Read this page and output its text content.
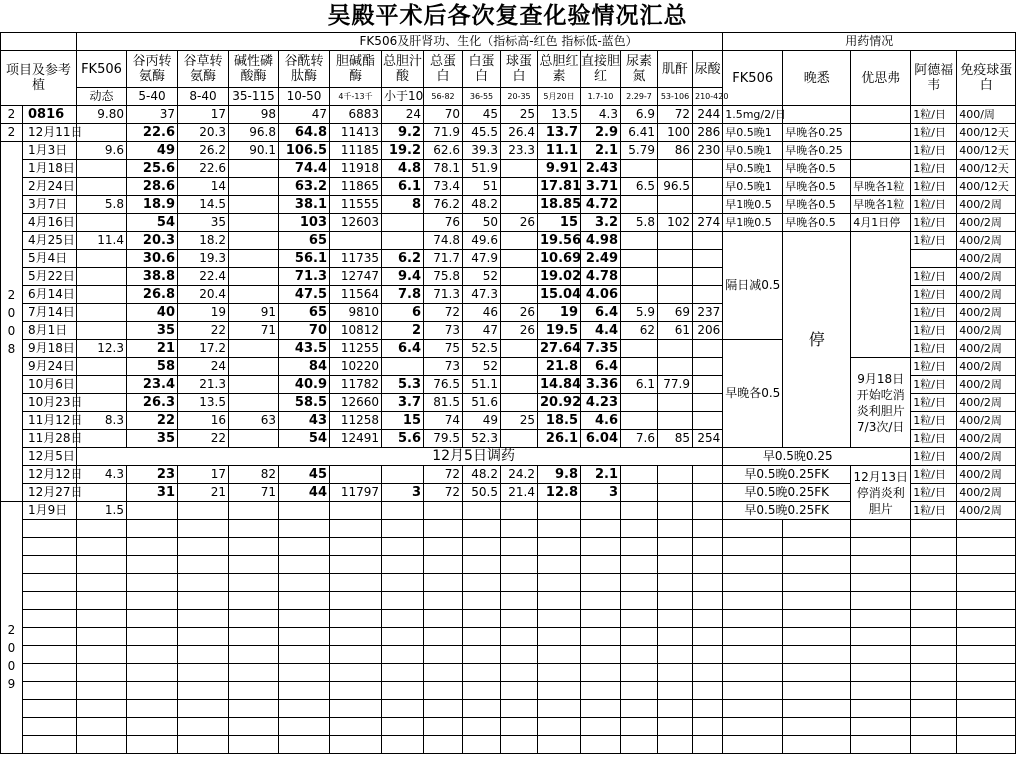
吴殿平术后各次复查化验情况汇总
		FK506及肝肾功、生化（指标高-红色 指标低-蓝色）															用药情况				
项目及参考植		FK506	谷丙转氨酶	谷草转氨酶	碱性磷酸酶	谷酰转肽酶	胆碱酯酶	总胆汁酸	总蛋白	白蛋白	球蛋白	总胆红素	直接胆红	尿素氮	肌酐	尿酸	FK506	晚悉	优思弗	阿德福韦	免疫球蛋白
		动态	5-40	8-40	35-115	10-50	4千-13千	小于10	56-82	36-55	20-35	5月20日	1.7-10	2.29-7	53-106	210-420					
2	0816	9.80	37	17	98	47	6883	24	70	45	25	13.5	4.3	6.9	72	244	1.5mg/2/日			1粒/日	400/周
2	12月11日		22.6	20.3	96.8	64.8	11413	9.2	71.9	45.5	26.4	13.7	2.9	6.41	100	286	早0.5晚1	早晚各0.25		1粒/日	400/12天

2
0
0
8	1月3日	9.6	49	26.2	90.1	106.5	11185	19.2	62.6	39.3	23.3	11.1	2.1	5.79	86	230	早0.5晚1	早晚各0.25		1粒/日	400/12天
	1月18日		25.6	22.6		74.4	11918	4.8	78.1	51.9		9.91	2.43				早0.5晚1	早晚各0.5		1粒/日	400/12天
	2月24日		28.6	14		63.2	11865	6.1	73.4	51		17.81	3.71	6.5	96.5		早0.5晚1	早晚各0.5	早晚各1粒	1粒/日	400/12天
	3月7日	5.8	18.9	14.5		38.1	11555	8	76.2	48.2		18.85	4.72				早1晚0.5	早晚各0.5	早晚各1粒	1粒/日	400/2周
	4月16日		54	35		103	12603		76	50	26	15	3.2	5.8	102	274	早1晚0.5	早晚各0.5	4月1日停	1粒/日	400/2周
	4月25日	11.4	20.3	18.2		65			74.8	49.6		19.56	4.98				隔日减0.5	停		1粒/日	400/2周
	5月4日		30.6	19.3		56.1	11735	6.2	71.7	47.9		10.69	2.49								400/2周
	5月22日		38.8	22.4		71.3	12747	9.4	75.8	52		19.02	4.78							1粒/日	400/2周
	6月14日		26.8	20.4		47.5	11564	7.8	71.3	47.3		15.04	4.06							1粒/日	400/2周
	7月14日		40	19	91	65	9810	6	72	46	26	19	6.4	5.9	69	237				1粒/日	400/2周
	8月1日		35	22	71	70	10812	2	73	47	26	19.5	4.4	62	61	206				1粒/日	400/2周
	9月18日	12.3	21	17.2		43.5	11255	6.4	75	52.5		27.64	7.35				早晚各0.5			1粒/日	400/2周
	9月24日		58	24		84	10220		73	52		21.8	6.4						9月18日开始吃消炎利胆片7/3次/日	1粒/日	400/2周
	10月6日		23.4	21.3		40.9	11782	5.3	76.5	51.1		14.84	3.36	6.1	77.9					1粒/日	400/2周
	10月23日		26.3	13.5		58.5	12660	3.7	81.5	51.6		20.92	4.23							1粒/日	400/2周
	11月12日	8.3	22	16	63	43	11258	15	74	49	25	18.5	4.6							1粒/日	400/2周
	11月28日		35	22		54	12491	5.6	79.5	52.3		26.1	6.04	7.6	85	254				1粒/日	400/2周
	12月5日	12月5日调药															早0.5晚0.25			1粒/日	400/2周
	12月12日	4.3	23	17	82	45			72	48.2	24.2	9.8	2.1				早0.5晚0.25FK		12月13日停消炎利胆片	1粒/日	400/2周
	12月27日		31	21	71	44	11797	3	72	50.5	21.4	12.8	3				早0.5晚0.25FK			1粒/日	400/2周

2
0
0
9	1月9日	1.5															早0.5晚0.25FK			1粒/日	400/2周
